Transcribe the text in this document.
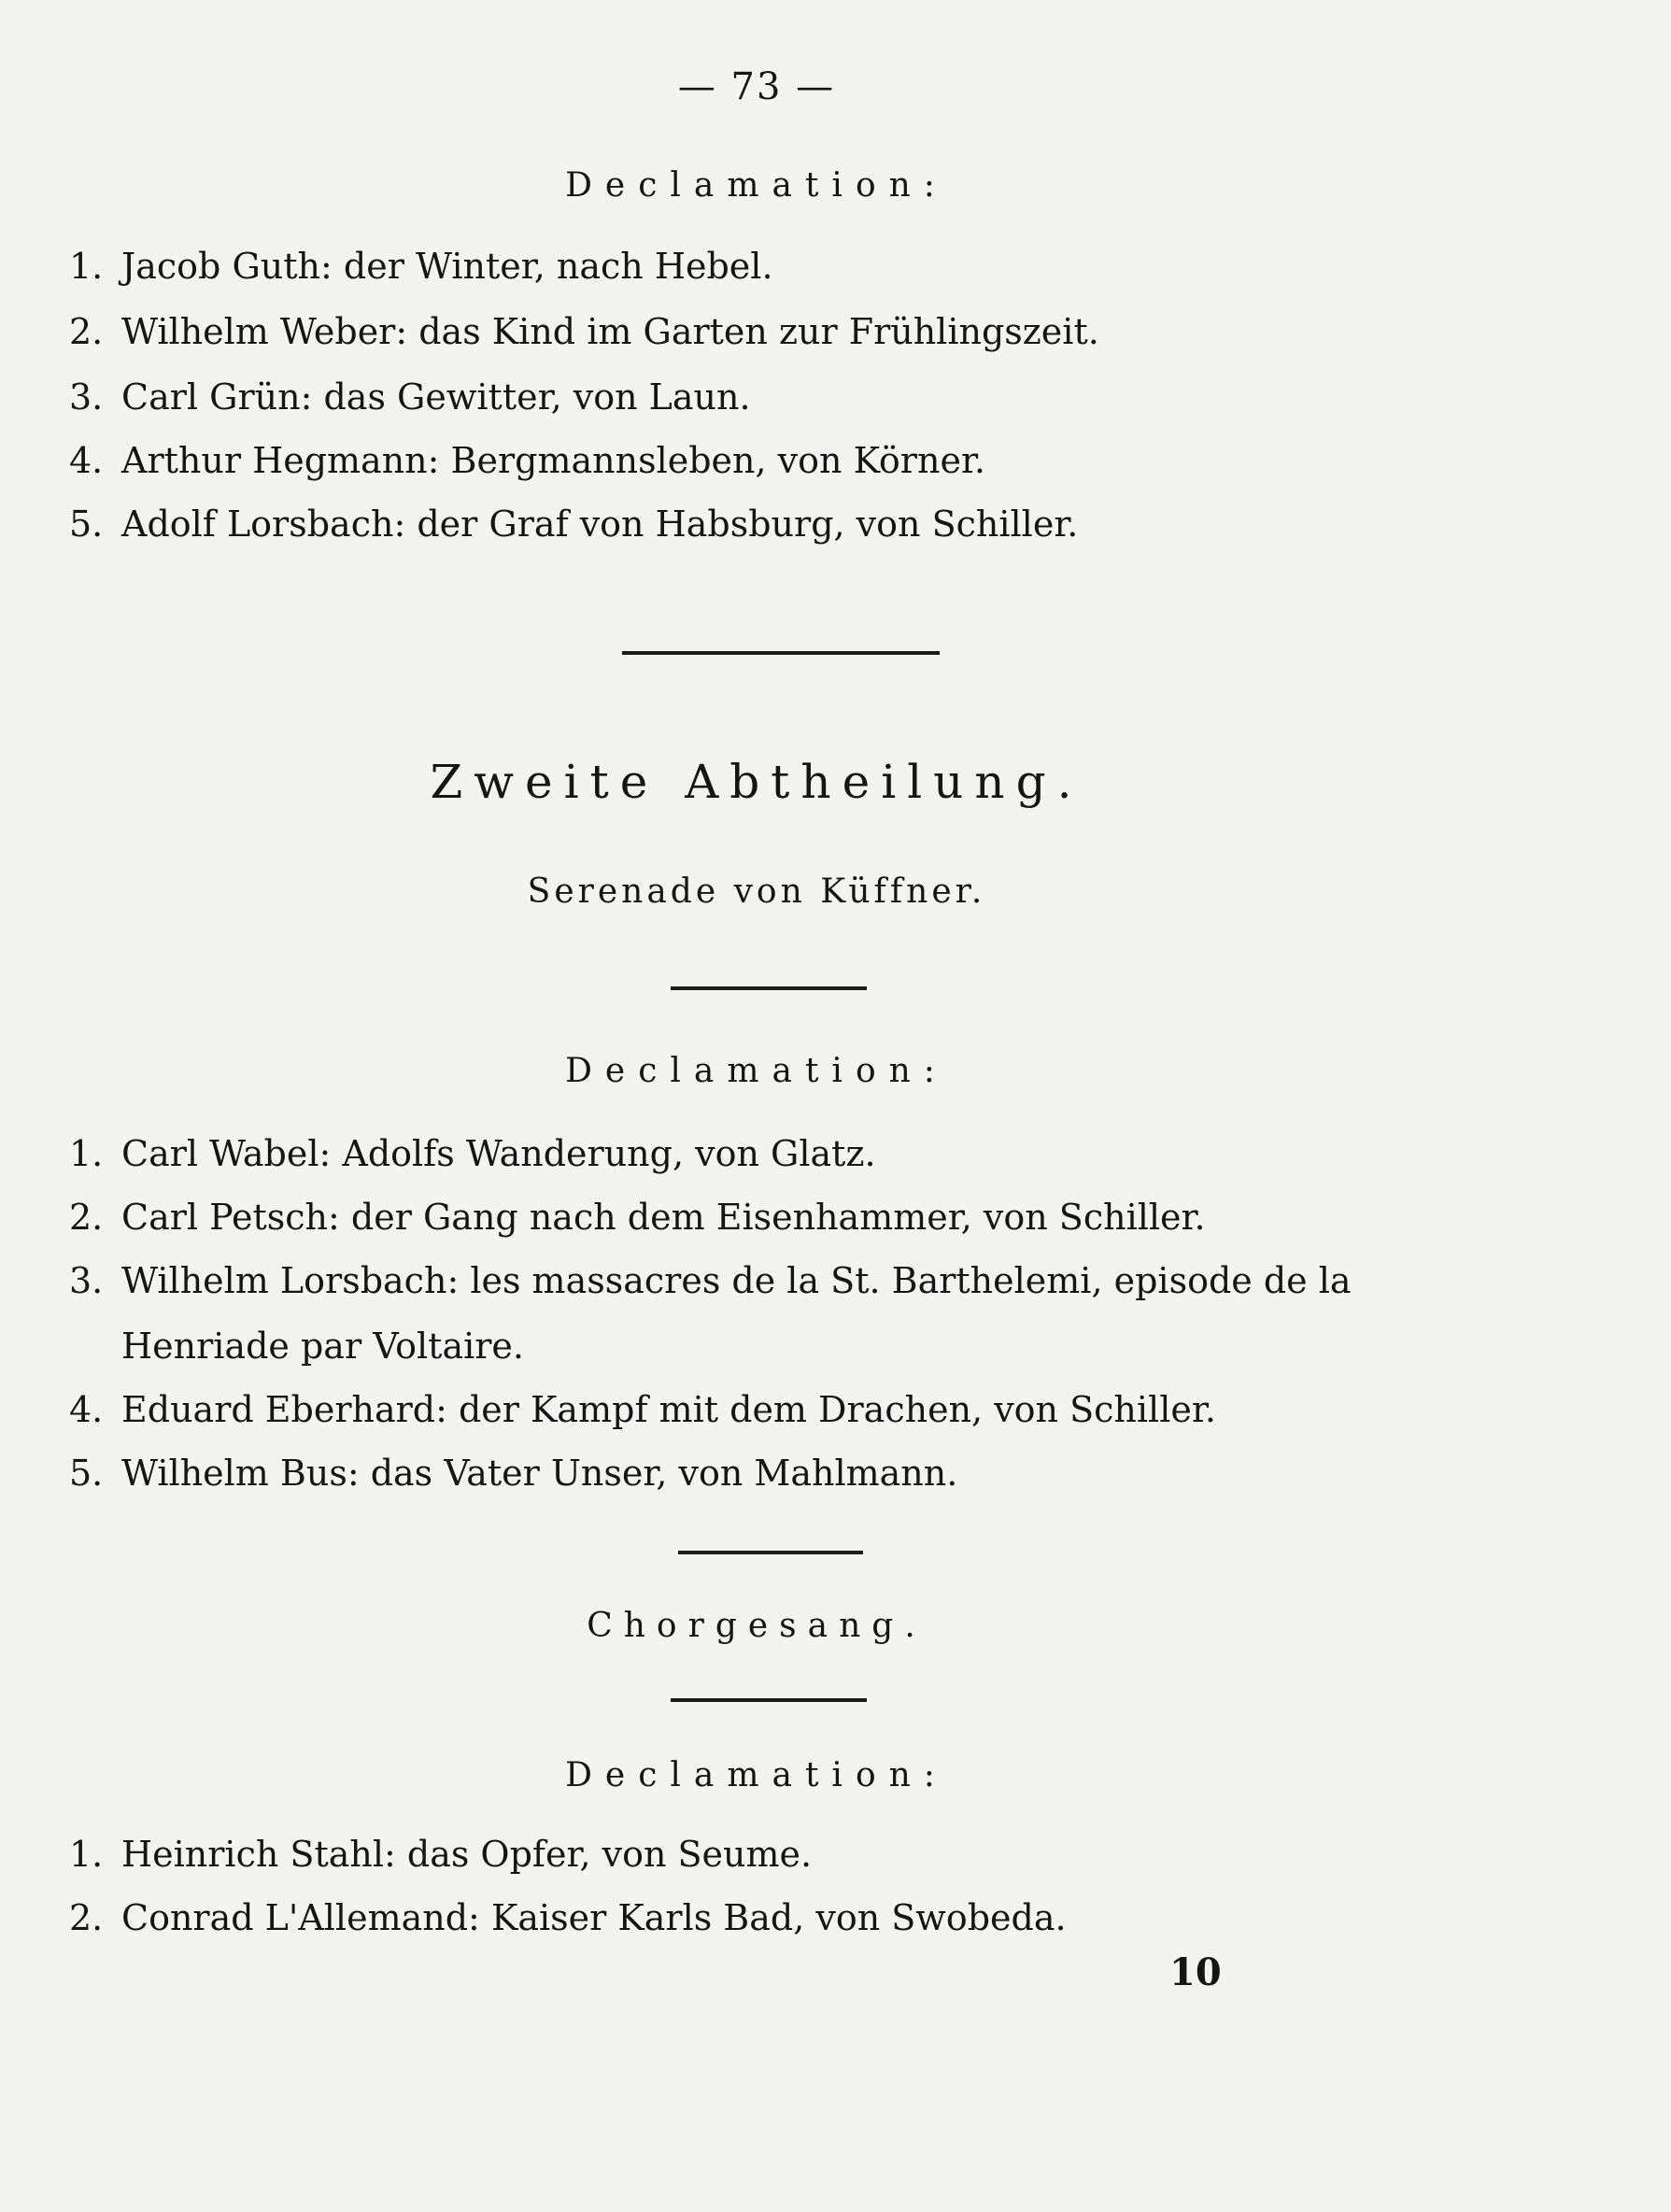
— 73 —
Declamation:
1. Jacob Guth: der Winter, nach Hebel.
2. Wilhelm Weber: das Kind im Garten zur Frühlingszeit.
3. Carl Grün: das Gewitter, von Laun.
4. Arthur Hegmann: Bergmannsleben, von Körner.
5. Adolf Lorsbach: der Graf von Habsburg, von Schiller.
Zweite Abtheilung.
Serenade von Küffner.
Declamation:
1. Carl Wabel: Adolfs Wanderung, von Glatz.
2. Carl Petsch: der Gang nach dem Eisenhammer, von Schiller.
3. Wilhelm Lorsbach: les massacres de la St. Barthelemi, episode de la
Henriade par Voltaire.
4. Eduard Eberhard: der Kampf mit dem Drachen, von Schiller.
5. Wilhelm Bus: das Vater Unser, von Mahlmann.
Chorgesang.
Declamation:
1. Heinrich Stahl: das Opfer, von Seume.
2. Conrad L'Allemand: Kaiser Karls Bad, von Swobeda.
10
